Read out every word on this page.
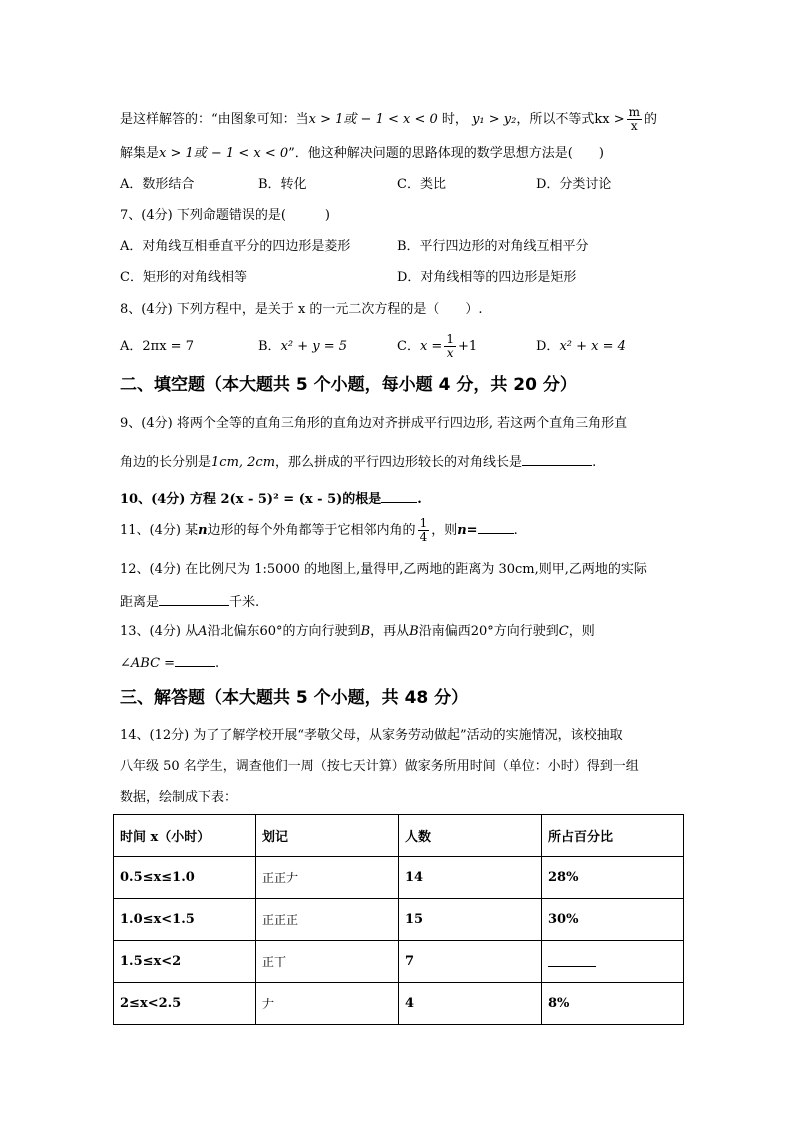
是这样解答的：“由图象可知：当x > 1或 − 1 < x < 0 时， y₁ > y₂，所以不等式kx > $\frac{m}{x}$ 的
解集是x > 1或 − 1 < x < 0”．他这种解决问题的思路体现的数学思想方法是(　　)
A．数形结合	B．转化	C．类比	D．分类讨论
7、(4分) 下列命题错误的是(　　　)
A．对角线互相垂直平分的四边形是菱形	B．平行四边形的对角线互相平分
C．矩形的对角线相等	D．对角线相等的四边形是矩形
8、(4分) 下列方程中，是关于 x 的一元二次方程的是（　　）.
A．2πx = 7	B．x² + y = 5	C．$x = \frac{1}{x} +1$	D．x² + x = 4
二、填空题（本大题共 5 个小题，每小题 4 分，共 20 分）
9、(4分) 将两个全等的直角三角形的直角边对齐拼成平行四边形, 若这两个直角三角形直
角边的长分别是1cm, 2cm，那么拼成的平行四边形较长的对角线长是	.
10、(4分) 方程 2(x - 5)² = (x - 5)的根是	.
11、(4分) 某n边形的每个外角都等于它相邻内角的 $\frac{1}{4}$ ，则n=	.
12、(4分) 在比例尺为 1:5000 的地图上,量得甲,乙两地的距离为 30cm,则甲,乙两地的实际
距离是	千米.
13、(4分) 从A沿北偏东60°的方向行驶到B，再从B沿南偏西20°方向行驶到C，则
∠ABC =	.
三、解答题（本大题共 5 个小题，共 48 分）
14、(12分) 为了了解学校开展“孝敬父母，从家务劳动做起”活动的实施情况，该校抽取
八年级 50 名学生，调查他们一周（按七天计算）做家务所用时间（单位：小时）得到一组
数据，绘制成下表：
时间 x（小时）	划记	人数	所占百分比
0.5≤x≤1.0	正正𠂇	14	28%
1.0≤x<1.5	正正正	15	30%
1.5≤x<2	正丅	7	
2≤x<2.5	𠂇	4	8%
